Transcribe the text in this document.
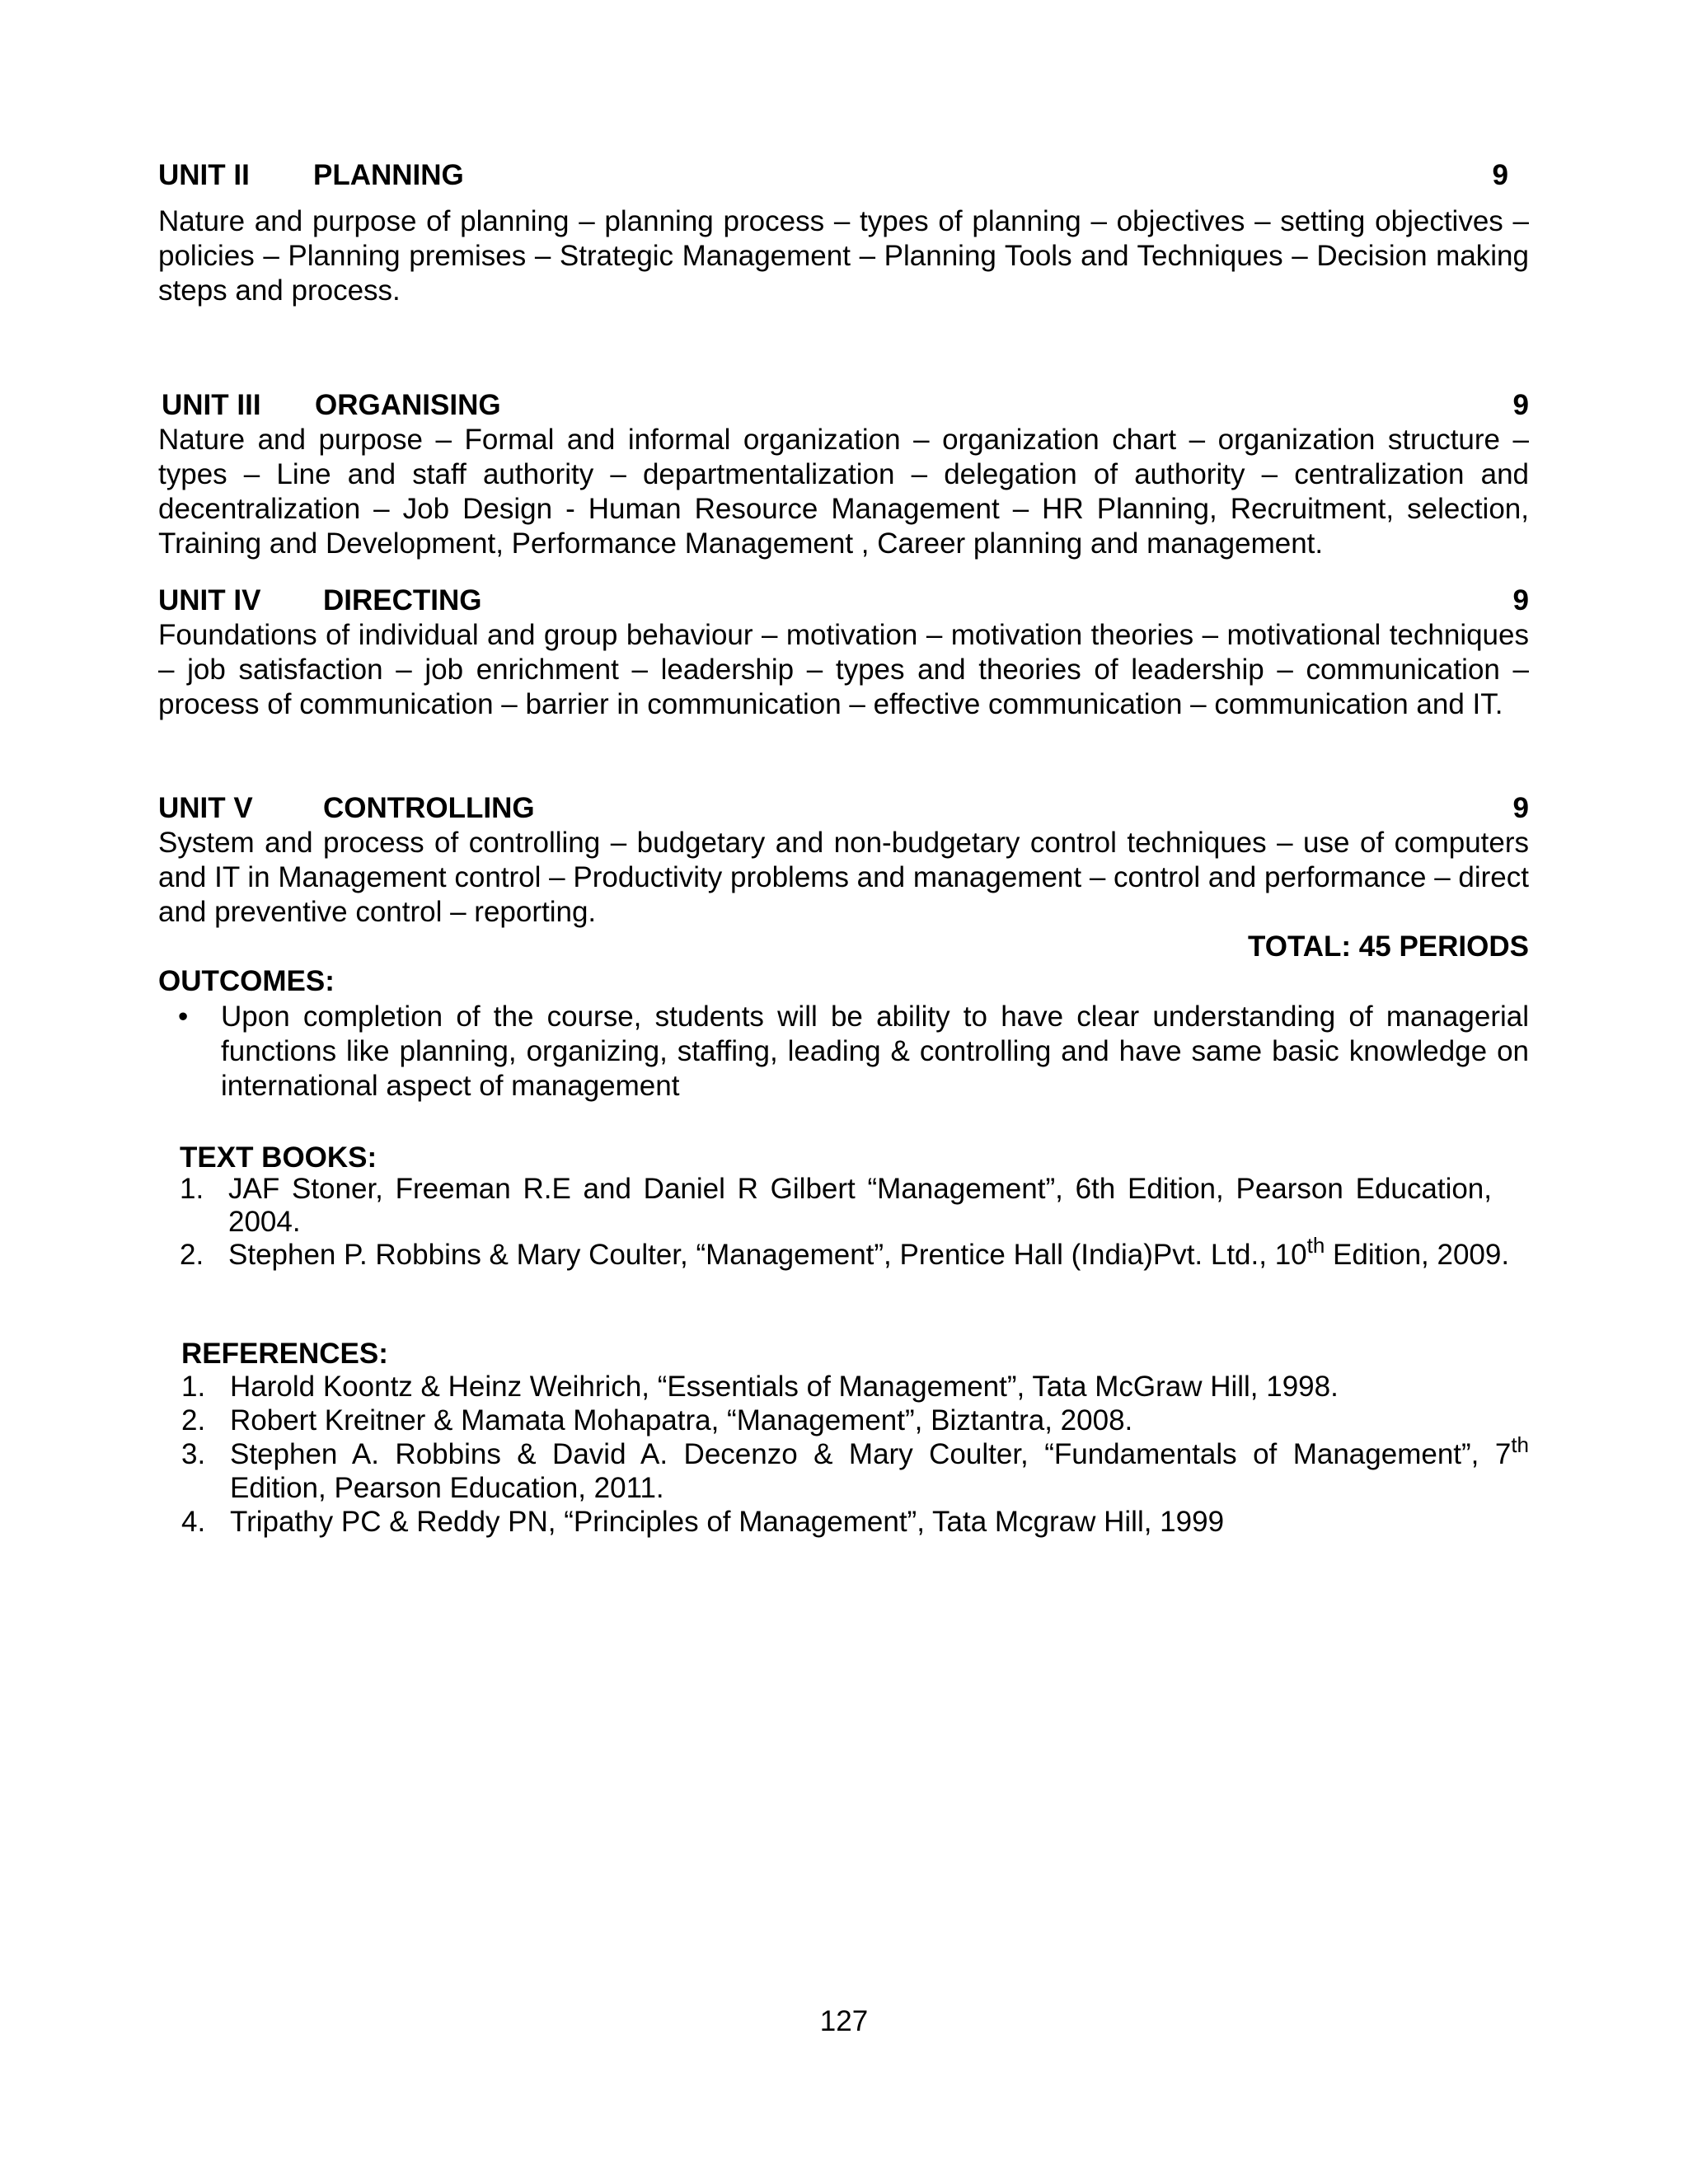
UNIT II PLANNING	9
Nature and purpose of planning – planning process – types of planning – objectives – setting objectives – policies – Planning premises – Strategic Management – Planning Tools and Techniques – Decision making steps and process.
UNIT III ORGANISING	9
Nature and purpose – Formal and informal organization – organization chart – organization structure – types – Line and staff authority – departmentalization – delegation of authority – centralization and decentralization – Job Design - Human Resource Management – HR Planning, Recruitment, selection, Training and Development, Performance Management , Career planning and management.
UNIT IV DIRECTING	9
Foundations of individual and group behaviour – motivation – motivation theories – motivational techniques – job satisfaction – job enrichment – leadership – types and theories of leadership – communication – process of communication – barrier in communication – effective communication – communication and IT.
UNIT V CONTROLLING	9
System and process of controlling – budgetary and non-budgetary control techniques – use of computers and IT in Management control – Productivity problems and management – control and performance – direct and preventive control – reporting.
TOTAL: 45 PERIODS
OUTCOMES:
• Upon completion of the course, students will be ability to have clear understanding of managerial functions like planning, organizing, staffing, leading & controlling and have same basic knowledge on international aspect of management
TEXT BOOKS:
1. JAF Stoner, Freeman R.E and Daniel R Gilbert “Management”, 6th Edition, Pearson Education, 2004.
2. Stephen P. Robbins & Mary Coulter, “Management”, Prentice Hall (India)Pvt. Ltd., 10th Edition, 2009.
REFERENCES:
1. Harold Koontz & Heinz Weihrich, “Essentials of Management”, Tata McGraw Hill, 1998.
2. Robert Kreitner & Mamata Mohapatra, “Management”, Biztantra, 2008.
3. Stephen A. Robbins & David A. Decenzo & Mary Coulter, “Fundamentals of Management”, 7th Edition, Pearson Education, 2011.
4. Tripathy PC & Reddy PN, “Principles of Management”, Tata Mcgraw Hill, 1999
127
